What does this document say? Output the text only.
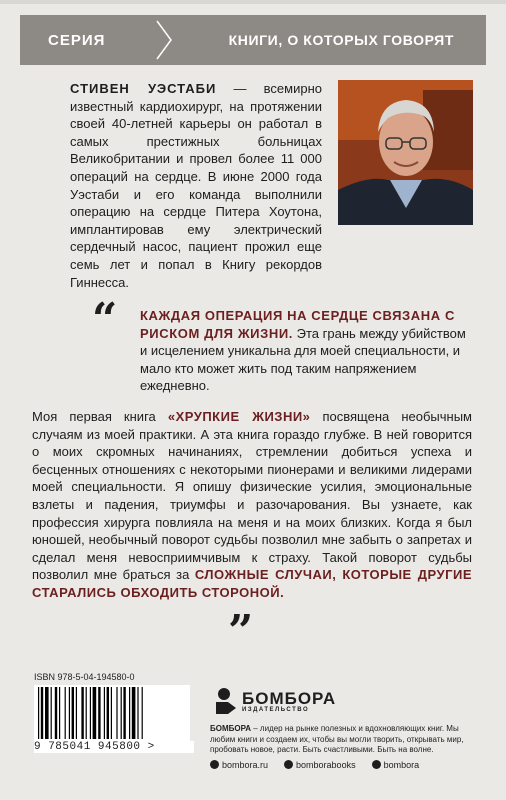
СЕРИЯ	КНИГИ, О КОТОРЫХ ГОВОРЯТ
СТИВЕН УЭСТАБИ — всемирно известный кардиохирург, на протяжении своей 40-летней карьеры он работал в самых престижных больницах Великобритании и провел более 11 000 операций на сердце. В июне 2000 года Уэстаби и его команда выполнили операцию на сердце Питера Хоутона, имплантировав ему электрический сердечный насос, пациент прожил еще семь лет и попал в Книгу рекордов Гиннесса.
“ КАЖДАЯ ОПЕРАЦИЯ НА СЕРДЦЕ СВЯЗАНА С РИСКОМ ДЛЯ ЖИЗНИ. Эта грань между убийством и исцелением уникальна для моей специальности, и мало кто может жить под таким напряжением ежедневно.
Моя первая книга «ХРУПКИЕ ЖИЗНИ» посвящена необычным случаям из моей практики. А эта книга гораздо глубже. В ней говорится о моих скромных начинаниях, стремлении добиться успеха и бесценных отношениях с некоторыми пионерами и великими лидерами моей специальности. Я опишу физические усилия, эмоциональные взлеты и падения, триумфы и разочарования. Вы узнаете, как профессия хирурга повлияла на меня и на моих близких. Когда я был юношей, необычный поворот судьбы позволил мне забыть о запретах и сделал меня невосприимчивым к страху. Такой поворот судьбы позволил мне браться за СЛОЖНЫЕ СЛУЧАИ, КОТОРЫЕ ДРУГИЕ СТАРАЛИСЬ ОБХОДИТЬ СТОРОНОЙ.
”
ISBN 978-5-04-194580-0
9 785041 945800 >
БОМБОРА
ИЗДАТЕЛЬСТВО
БОМБОРА – лидер на рынке полезных и вдохновляющих книг. Мы любим книги и создаем их, чтобы вы могли творить, открывать мир, пробовать новое, расти. Быть счастливыми. Быть на волне.
bombora.ru	bomborabooks	bombora
